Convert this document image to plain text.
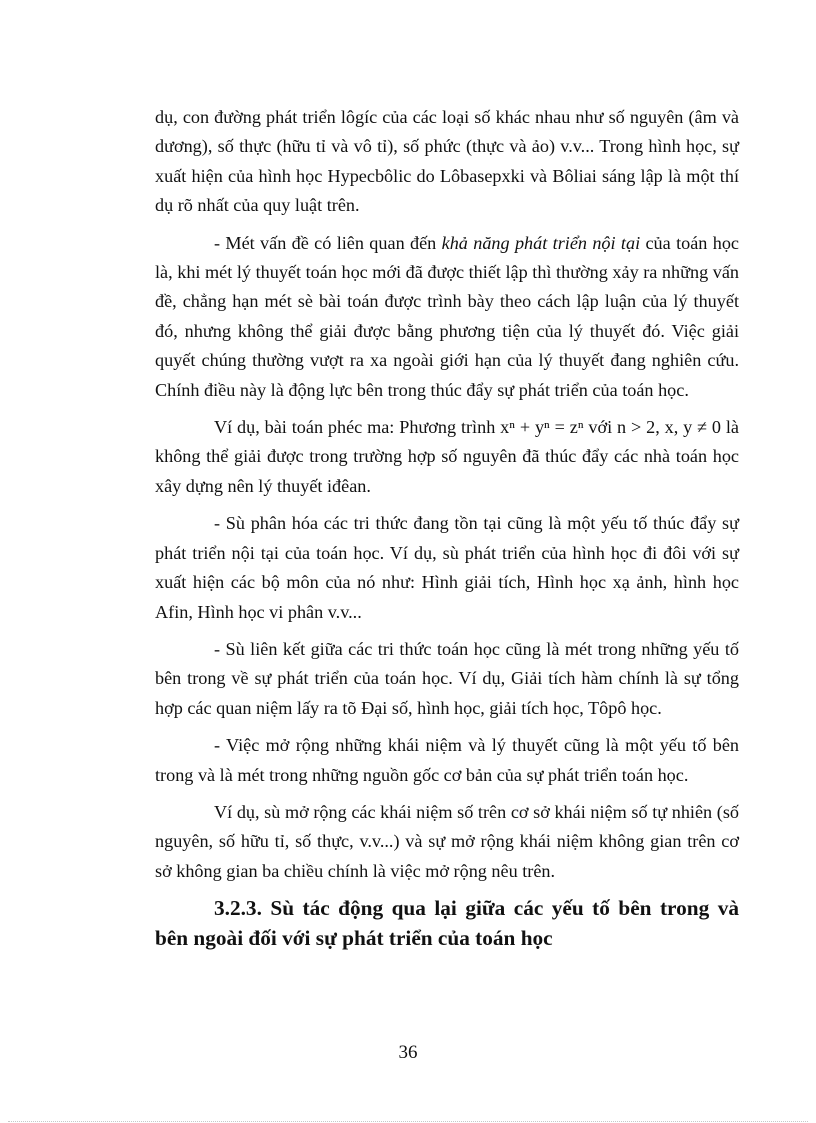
dụ, con đường phát triển lôgíc của các loại số khác nhau như số nguyên (âm và dương), số thực (hữu tỉ và vô tỉ), số phức (thực và ảo) v.v... Trong hình học, sự xuất hiện của hình học Hypecbôlic do Lôbasepxki và Bôliai sáng lập là một thí dụ rõ nhất của quy luật trên.

- Mét vấn đề có liên quan đến khả năng phát triển nội tại của toán học là, khi mét lý thuyết toán học mới đã được thiết lập thì thường xảy ra những vấn đề, chẳng hạn mét sè bài toán được trình bày theo cách lập luận của lý thuyết đó, nhưng không thể giải được bằng phương tiện của lý thuyết đó. Việc giải quyết chúng thường vượt ra xa ngoài giới hạn của lý thuyết đang nghiên cứu. Chính điều này là động lực bên trong thúc đẩy sự phát triển của toán học.

Ví dụ, bài toán phéc ma: Phương trình xⁿ + yⁿ = zⁿ với n > 2, x, y ≠ 0 là không thể giải được trong trường hợp số nguyên đã thúc đẩy các nhà toán học xây dựng nên lý thuyết iđêan.

- Sù phân hóa các tri thức đang tồn tại cũng là một yếu tố thúc đẩy sự phát triển nội tại của toán học. Ví dụ, sù phát triển của hình học đi đôi với sự xuất hiện các bộ môn của nó như: Hình giải tích, Hình học xạ ảnh, hình học Afin, Hình học vi phân v.v...

- Sù liên kết giữa các tri thức toán học cũng là mét trong những yếu tố bên trong về sự phát triển của toán học. Ví dụ, Giải tích hàm chính là sự tổng hợp các quan niệm lấy ra tõ Đại số, hình học, giải tích học, Tôpô học.

- Việc mở rộng những khái niệm và lý thuyết cũng là một yếu tố bên trong và là mét trong những nguồn gốc cơ bản của sự phát triển toán học.

Ví dụ, sù mở rộng các khái niệm số trên cơ sở khái niệm số tự nhiên (số nguyên, số hữu tỉ, số thực, v.v...) và sự mở rộng khái niệm không gian trên cơ sở không gian ba chiều chính là việc mở rộng nêu trên.

3.2.3. Sù tác động qua lại giữa các yếu tố bên trong và bên ngoài đối với sự phát triển của toán học
36
